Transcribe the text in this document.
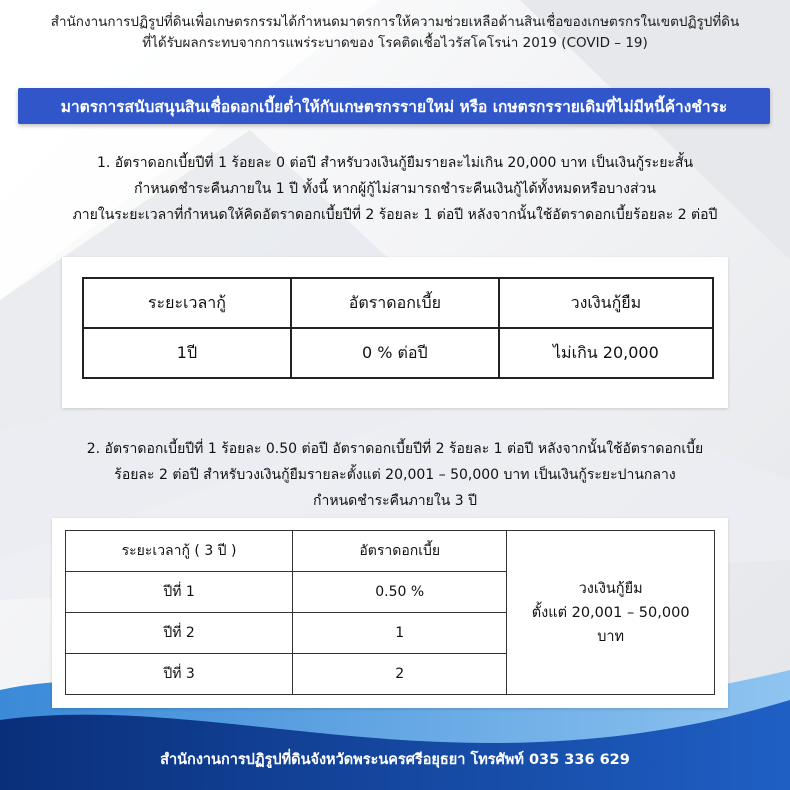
สำนักงานการปฏิรูปที่ดินเพื่อเกษตรกรรมได้กำหนดมาตรการให้ความช่วยเหลือด้านสินเชื่อของเกษตรกรในเขตปฏิรูปที่ดิน
ที่ได้รับผลกระทบจากการแพร่ระบาดของ โรคติดเชื้อไวรัสโคโรน่า 2019 (COVID – 19)
มาตรการสนับสนุนสินเชื่อดอกเบี้ยต่ำให้กับเกษตรกรรายใหม่ หรือ เกษตรกรรายเดิมที่ไม่มีหนี้ค้างชำระ
1. อัตราดอกเบี้ยปีที่ 1 ร้อยละ 0 ต่อปี สำหรับวงเงินกู้ยืมรายละไม่เกิน 20,000 บาท เป็นเงินกู้ระยะสั้น
กำหนดชำระคืนภายใน 1 ปี ทั้งนี้ หากผู้กู้ไม่สามารถชำระคืนเงินกู้ได้ทั้งหมดหรือบางส่วน
ภายในระยะเวลาที่กำหนดให้คิดอัตราดอกเบี้ยปีที่ 2 ร้อยละ 1 ต่อปี หลังจากนั้นใช้อัตราดอกเบี้ยร้อยละ 2 ต่อปี
ระยะเวลากู้	อัตราดอกเบี้ย	วงเงินกู้ยืม
1ปี	0 % ต่อปี	ไม่เกิน 20,000
2. อัตราดอกเบี้ยปีที่ 1 ร้อยละ 0.50 ต่อปี อัตราดอกเบี้ยปีที่ 2 ร้อยละ 1 ต่อปี หลังจากนั้นใช้อัตราดอกเบี้ย
ร้อยละ 2 ต่อปี สำหรับวงเงินกู้ยืมรายละตั้งแต่ 20,001 – 50,000 บาท เป็นเงินกู้ระยะปานกลาง
กำหนดชำระคืนภายใน 3 ปี
ระยะเวลากู้ ( 3 ปี )	อัตราดอกเบี้ย	วงเงินกู้ยืม
ตั้งแต่ 20,001 – 50,000
บาท

ปีที่ 1	0.50 %	
ปีที่ 2	1	
ปีที่ 3	2	
สำนักงานการปฏิรูปที่ดินจังหวัดพระนครศรีอยุธยา โทรศัพท์ 035 336 629
